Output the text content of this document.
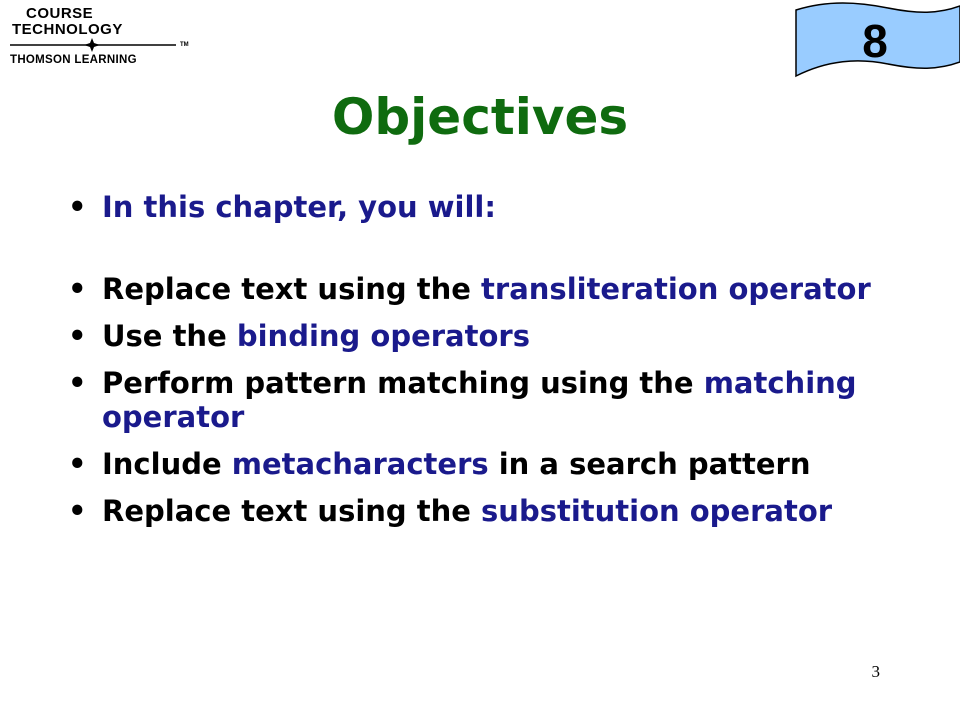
COURSE
TECHNOLOGY
TM
THOMSON LEARNING	8
Objectives
• In this chapter, you will:
• Replace text using the transliteration operator
• Use the binding operators
• Perform pattern matching using the matching operator
• Include metacharacters in a search pattern
• Replace text using the substitution operator
3
